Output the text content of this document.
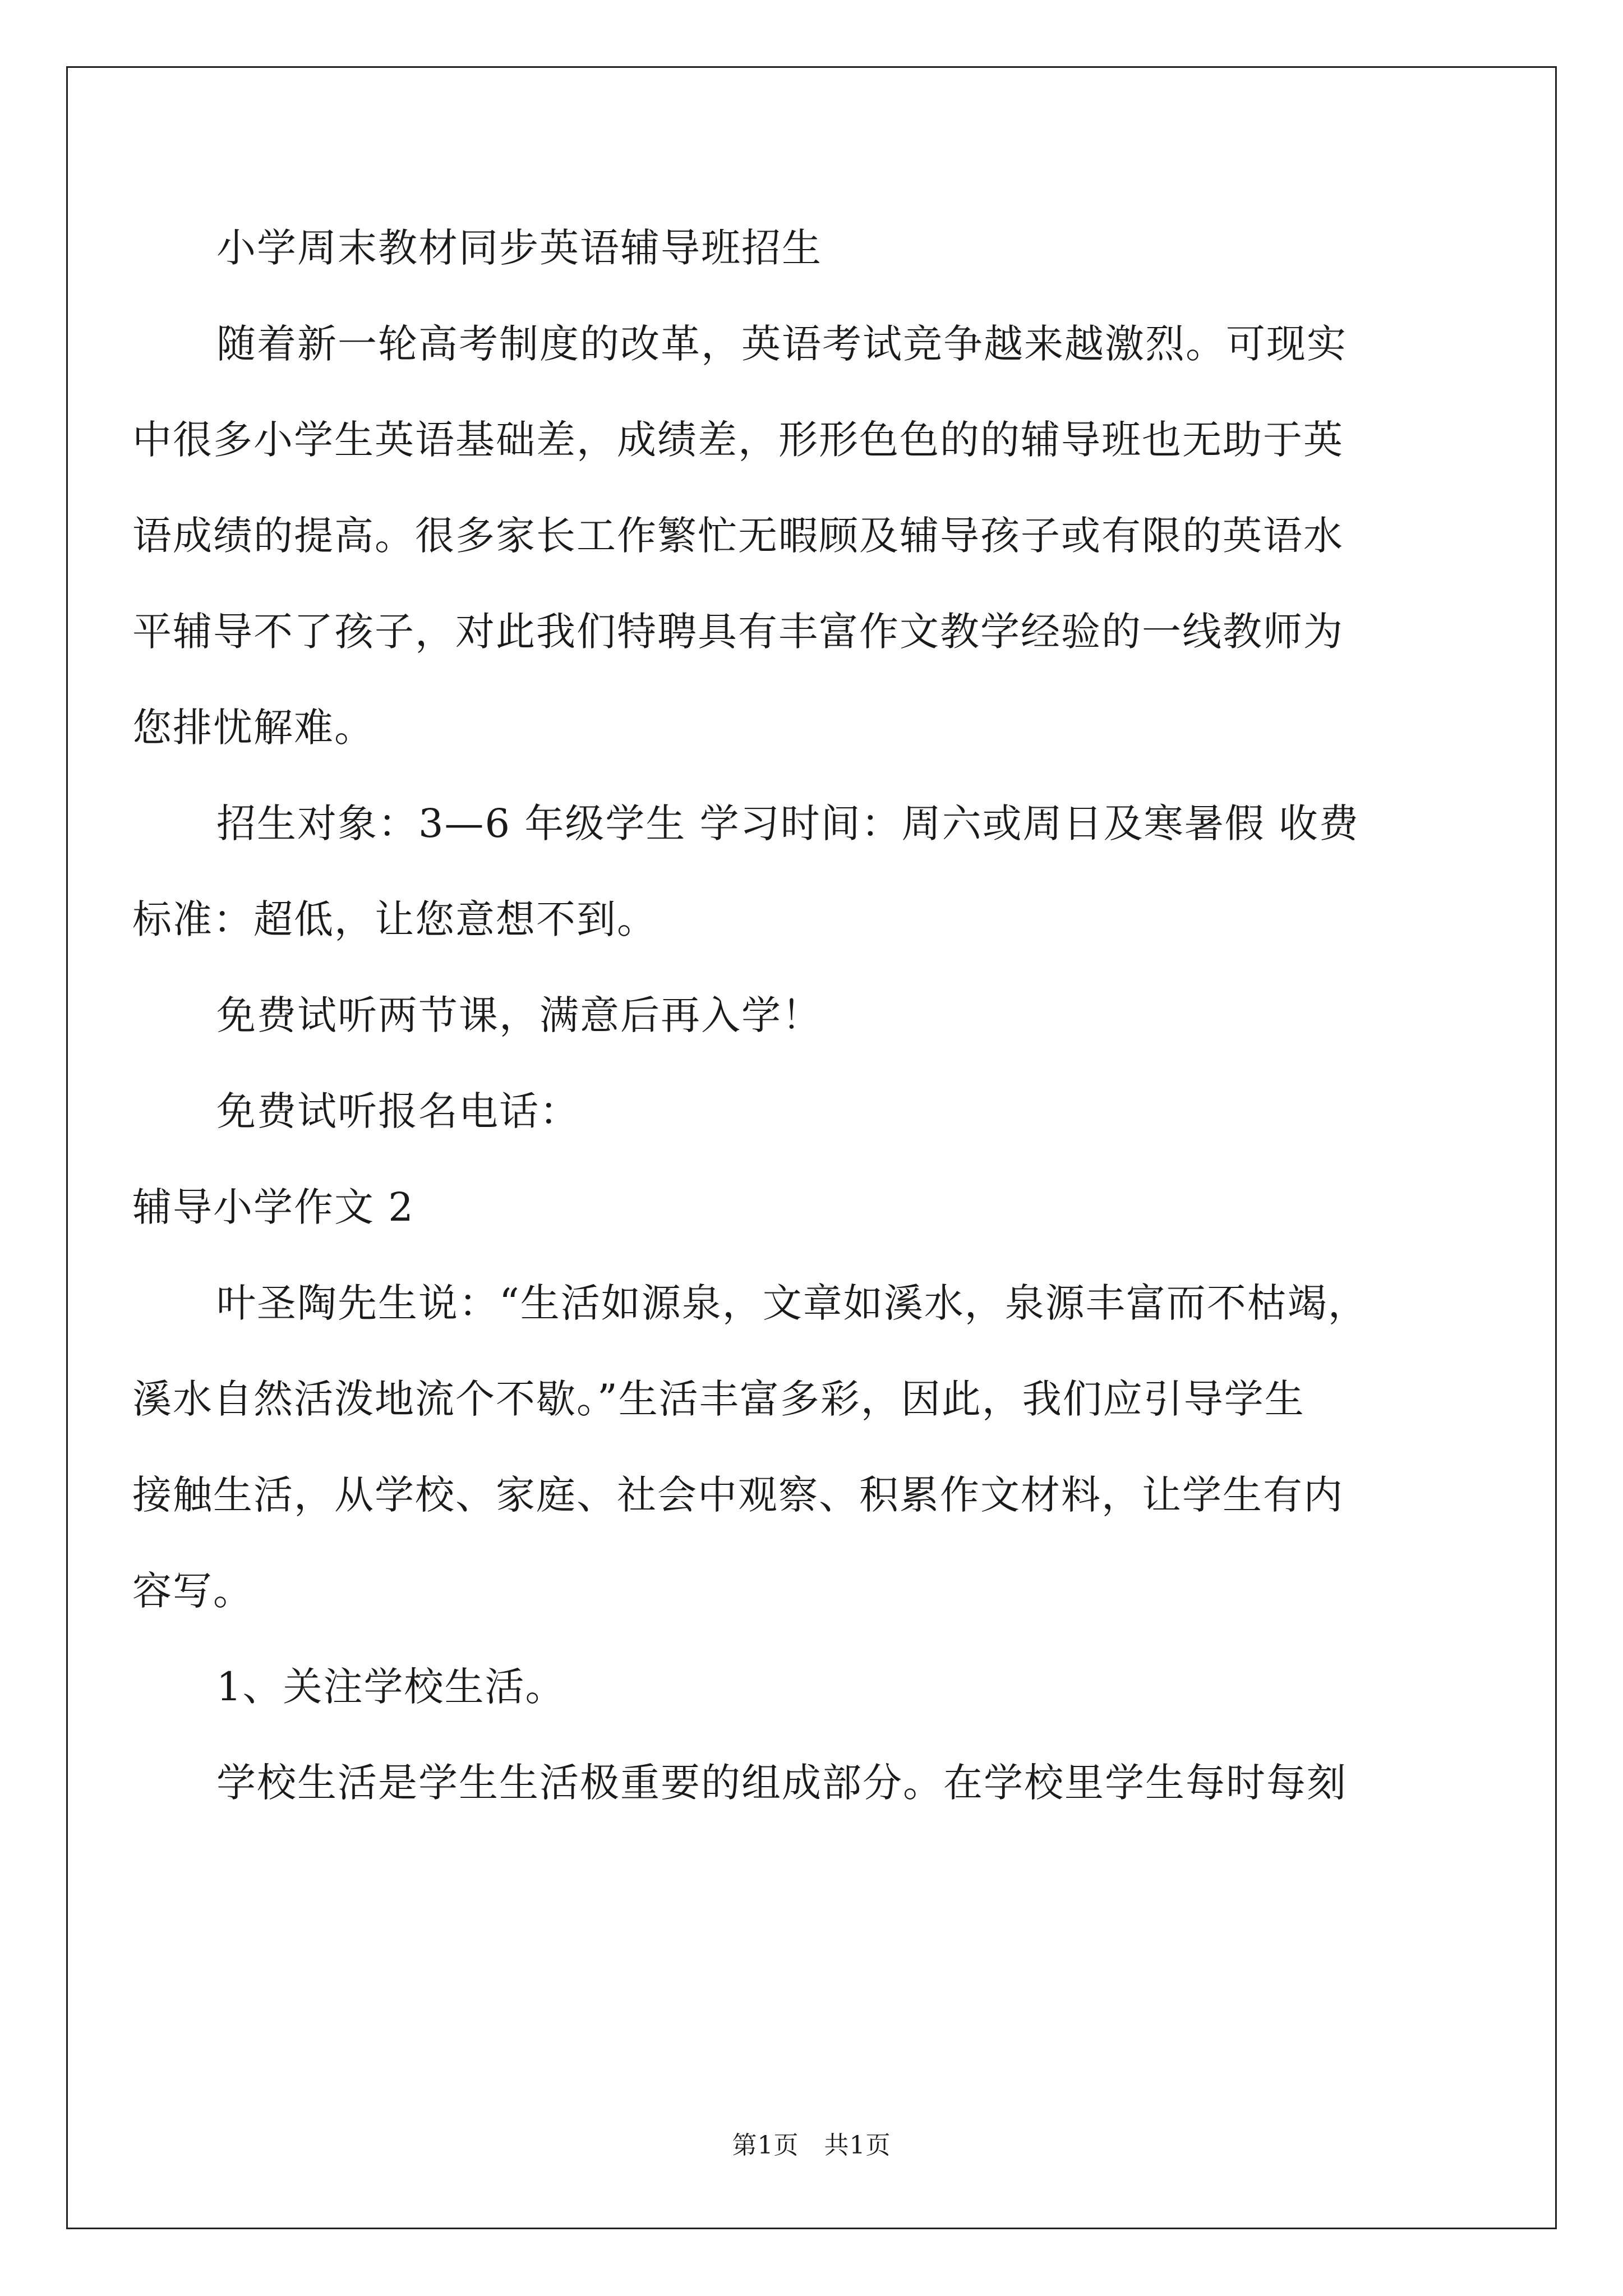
小学周末教材同步英语辅导班招生
随着新一轮高考制度的改革，英语考试竞争越来越激烈。可现实
中很多小学生英语基础差，成绩差，形形色色的的辅导班也无助于英
语成绩的提高。很多家长工作繁忙无暇顾及辅导孩子或有限的英语水
平辅导不了孩子，对此我们特聘具有丰富作文教学经验的一线教师为
您排忧解难。
招生对象：3—6 年级学生 学习时间：周六或周日及寒暑假 收费
标准：超低，让您意想不到。
免费试听两节课，满意后再入学！
免费试听报名电话：
辅导小学作文 2
叶圣陶先生说：“生活如源泉，文章如溪水，泉源丰富而不枯竭，
溪水自然活泼地流个不歇。”生活丰富多彩，因此，我们应引导学生
接触生活，从学校、家庭、社会中观察、积累作文材料，让学生有内
容写。
1、关注学校生活。
学校生活是学生生活极重要的组成部分。在学校里学生每时每刻
第1页　共1页
